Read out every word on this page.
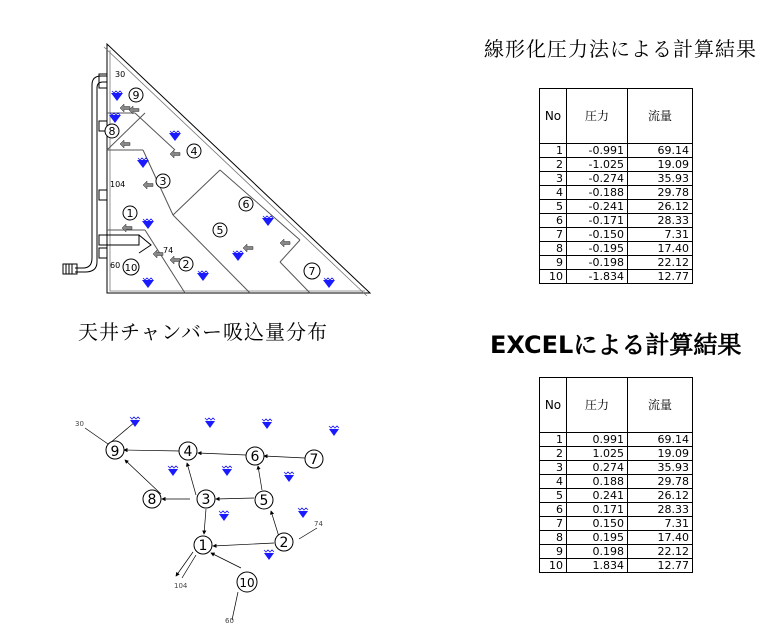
線形化圧力法による計算結果
天井チャンバー吸込量分布	EXCELによる計算結果
9
8
4
3
6
1
5
2
10	7
30
104
74
60
4
9	6	7
8	3	5
1	2
10
30
74
104
60
No	圧力	流量
1	-0.991	69.14
2	-1.025	19.09
3	-0.274	35.93
4	-0.188	29.78
5	-0.241	26.12
6	-0.171	28.33
7	-0.150	7.31
8	-0.195	17.40
9	-0.198	22.12
10	-1.834	12.77
No	圧力	流量
1	0.991	69.14
2	1.025	19.09
3	0.274	35.93
4	0.188	29.78
5	0.241	26.12
6	0.171	28.33
7	0.150	7.31
8	0.195	17.40
9	0.198	22.12
10	1.834	12.77
